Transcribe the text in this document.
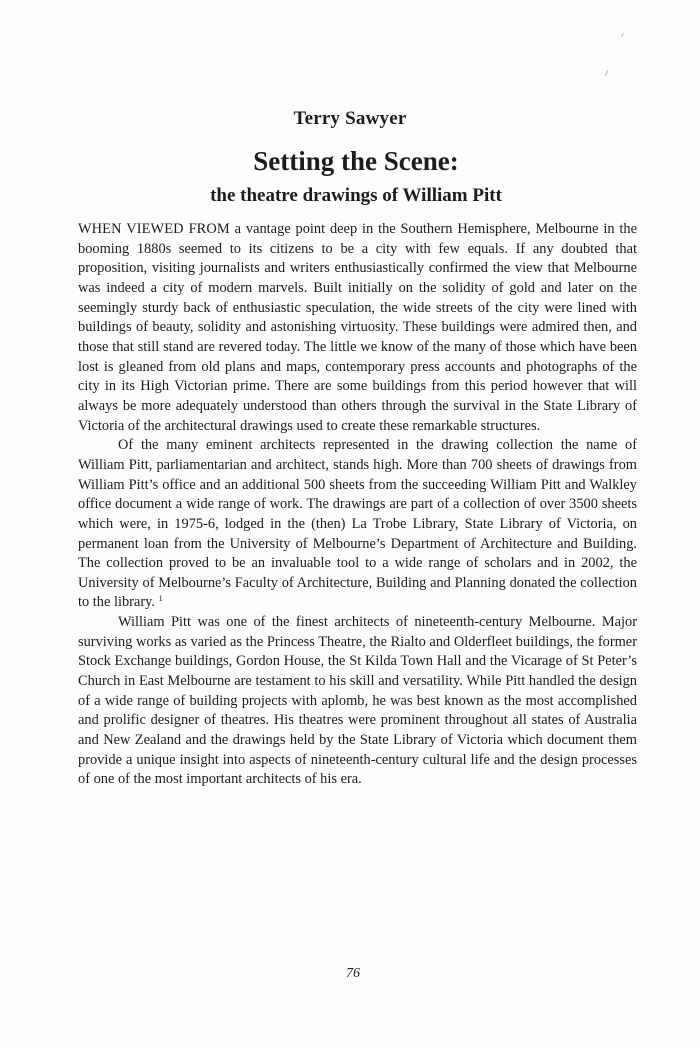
Terry Sawyer
Setting the Scene:
the theatre drawings of William Pitt

WHEN VIEWED FROM a vantage point deep in the Southern Hemisphere, Melbourne in the booming 1880s seemed to its citizens to be a city with few equals. If any doubted that proposition, visiting journalists and writers enthusiastically confirmed the view that Melbourne was indeed a city of modern marvels. Built initially on the solidity of gold and later on the seemingly sturdy back of enthusiastic speculation, the wide streets of the city were lined with buildings of beauty, solidity and astonishing virtuosity. These buildings were admired then, and those that still stand are revered today. The little we know of the many of those which have been lost is gleaned from old plans and maps, contemporary press accounts and photographs of the city in its High Victorian prime. There are some buildings from this period however that will always be more adequately understood than others through the survival in the State Library of Victoria of the architectural drawings used to create these remarkable structures.

Of the many eminent architects represented in the drawing collection the name of William Pitt, parliamentarian and architect, stands high. More than 700 sheets of drawings from William Pitt’s office and an additional 500 sheets from the succeeding William Pitt and Walkley office document a wide range of work. The drawings are part of a collection of over 3500 sheets which were, in 1975-6, lodged in the (then) La Trobe Library, State Library of Victoria, on permanent loan from the University of Melbourne’s Department of Architecture and Building. The collection proved to be an invaluable tool to a wide range of scholars and in 2002, the University of Melbourne’s Faculty of Architecture, Building and Planning donated the collection to the library. $^1$

William Pitt was one of the finest architects of nineteenth-century Melbourne. Major surviving works as varied as the Princess Theatre, the Rialto and Olderfleet buildings, the former Stock Exchange buildings, Gordon House, the St Kilda Town Hall and the Vicarage of St Peter’s Church in East Melbourne are testament to his skill and versatility. While Pitt handled the design of a wide range of building projects with aplomb, he was best known as the most accomplished and prolific designer of theatres. His theatres were prominent throughout all states of Australia and New Zealand and the drawings held by the State Library of Victoria which document them provide a unique insight into aspects of nineteenth-century cultural life and the design processes of one of the most important architects of his era.

76
